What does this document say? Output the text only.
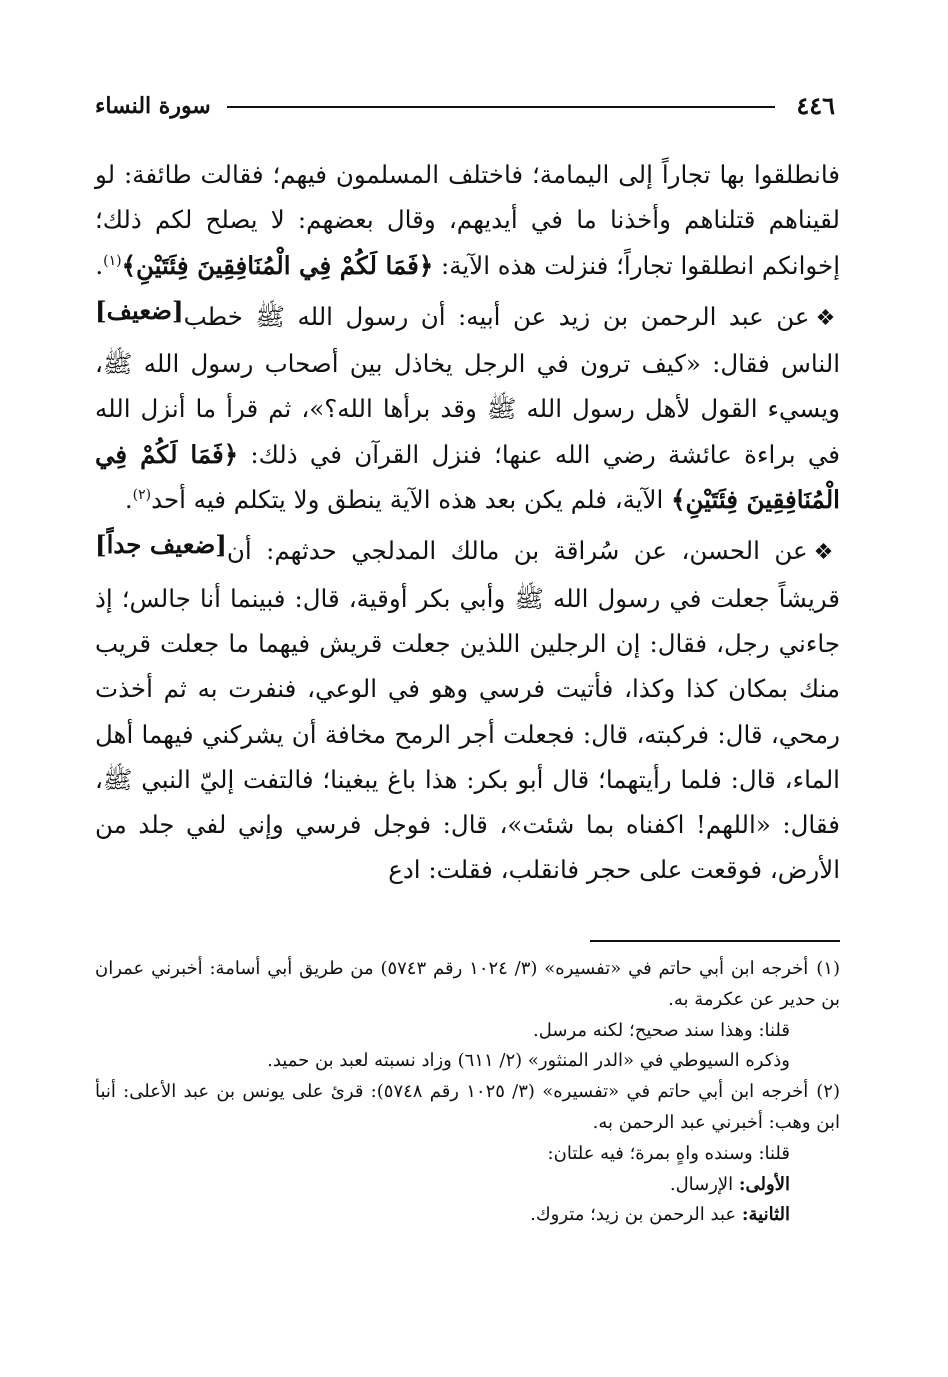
٤٤٦
سورة النساء

فانطلقوا بها تجاراً إلى اليمامة؛ فاختلف المسلمون فيهم؛ فقالت طائفة: لو لقيناهم قتلناهم وأخذنا ما في أيديهم، وقال بعضهم: لا يصلح لكم ذلك؛ إخوانكم انطلقوا تجاراً؛ فنزلت هذه الآية: ﴿فَمَا لَكُمْ فِي الْمُنَافِقِينَ فِئَتَيْنِ﴾$^{(١)}$.
[ضعيف]	❖عن عبد الرحمن بن زيد عن أبيه: أن رسول الله ﷺ خطب الناس فقال: «كيف ترون في الرجل يخاذل بين أصحاب رسول الله ﷺ، ويسيء القول لأهل رسول الله ﷺ وقد برأها الله؟»، ثم قرأ ما أنزل الله في براءة عائشة رضي الله عنها؛ فنزل القرآن في ذلك: ﴿فَمَا لَكُمْ فِي الْمُنَافِقِينَ فِئَتَيْنِ﴾ الآية، فلم يكن بعد هذه الآية ينطق ولا يتكلم فيه أحد$^{(٢)}$.
[ضعيف جداً]	❖عن الحسن، عن سُراقة بن مالك المدلجي حدثهم: أن قريشاً جعلت في رسول الله ﷺ وأبي بكر أوقية، قال: فبينما أنا جالس؛ إذ جاءني رجل، فقال: إن الرجلين اللذين جعلت قريش فيهما ما جعلت قريب منك بمكان كذا وكذا، فأتيت فرسي وهو في الوعي، فنفرت به ثم أخذت رمحي، قال: فركبته، قال: فجعلت أجر الرمح مخافة أن يشركني فيهما أهل الماء، قال: فلما رأيتهما؛ قال أبو بكر: هذا باغ يبغينا؛ فالتفت إليّ النبي ﷺ، فقال: «اللهم! اكفناه بما شئت»، قال: فوجل فرسي وإني لفي جلد من الأرض، فوقعت على حجر فانقلب، فقلت: ادع

(١)أخرجه ابن أبي حاتم في «تفسيره» (٣/ ١٠٢٤ رقم ٥٧٤٣) من طريق أبي أسامة: أخبرني عمران بن حدير عن عكرمة به.

قلنا: وهذا سند صحيح؛ لكنه مرسل.

وذكره السيوطي في «الدر المنثور» (٢/ ٦١١) وزاد نسبته لعبد بن حميد.

(٢)أخرجه ابن أبي حاتم في «تفسيره» (٣/ ١٠٢٥ رقم ٥٧٤٨): قرئ على يونس بن عبد الأعلى: أنبأ ابن وهب: أخبرني عبد الرحمن به.

قلنا: وسنده واهٍ بمرة؛ فيه علتان:

الأولى: الإرسال.

الثانية: عبد الرحمن بن زيد؛ متروك.
